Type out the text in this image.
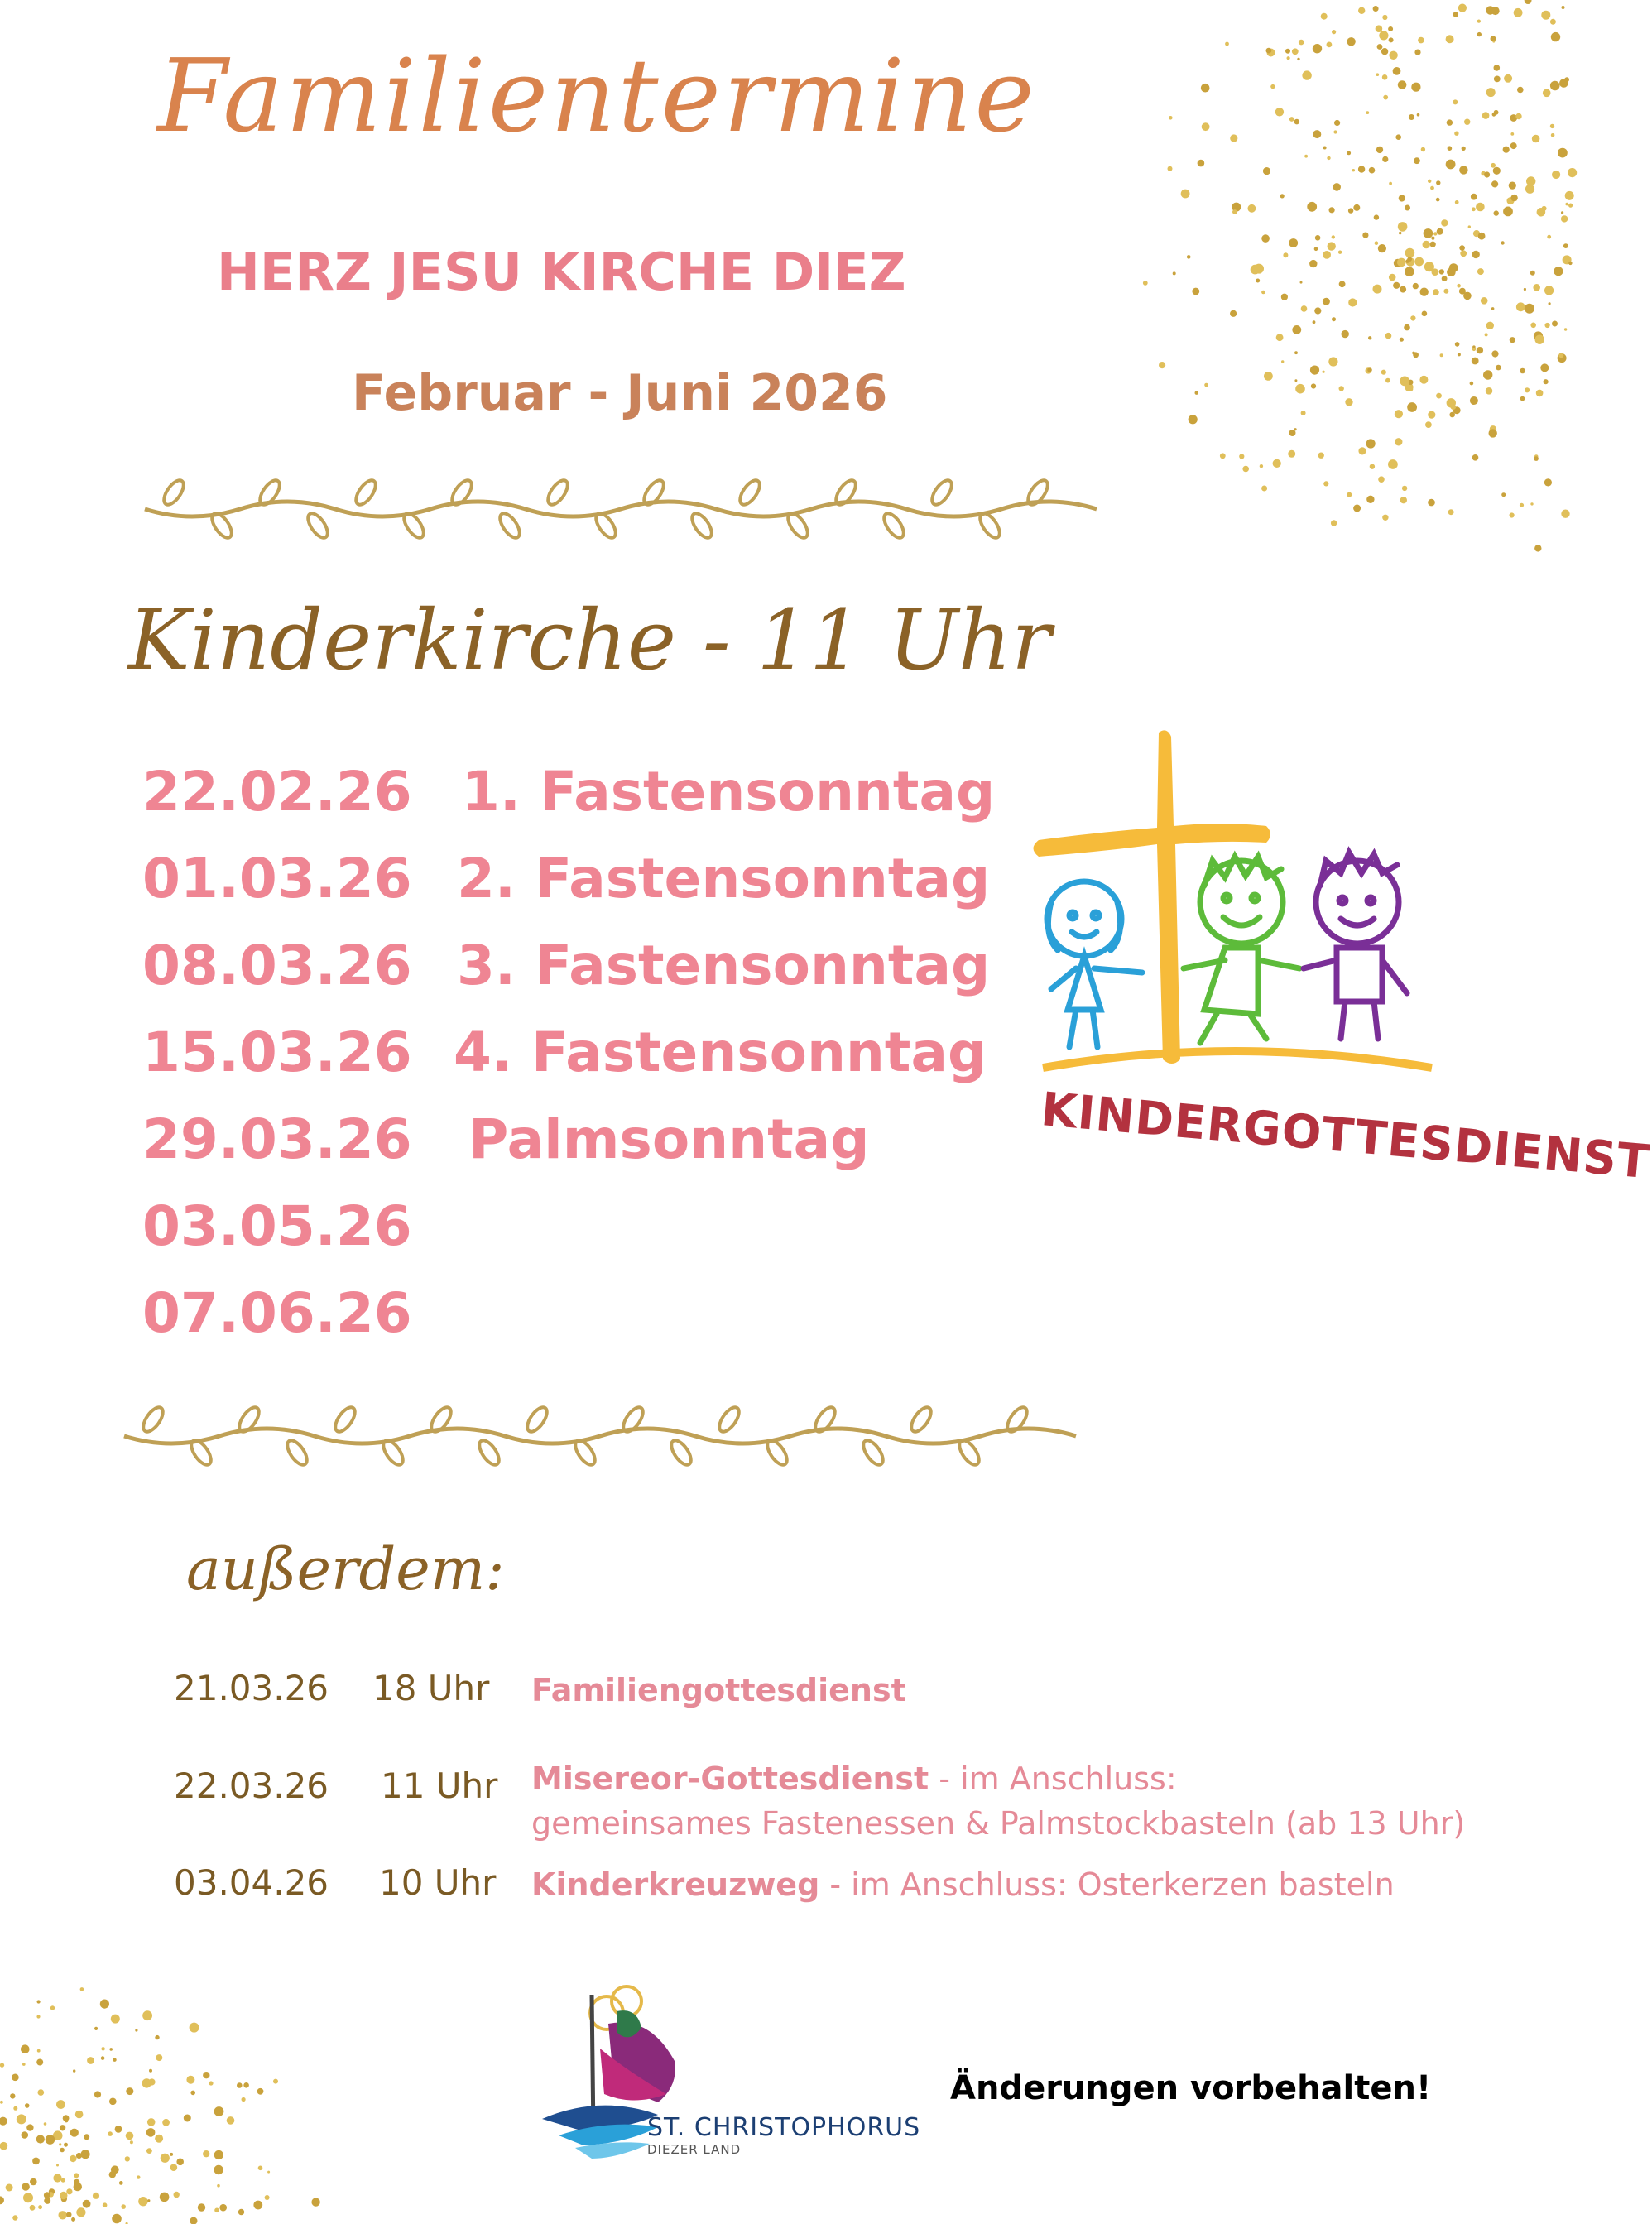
Familientermine
HERZ JESU KIRCHE DIEZ
Februar - Juni 2026
Kinderkirche - 11 Uhr
22.02.26
01.03.26
08.03.26
15.03.26
29.03.26
03.05.26
07.06.26
1. Fastensonntag
2. Fastensonntag
3. Fastensonntag
4. Fastensonntag
Palmsonntag	KINDERGOTTESDIENST
außerdem:
21.03.26 18 Uhr Familiengottesdienst
22.03.26 11 Uhr Misereor-Gottesdienst - im Anschluss:
gemeinsames Fastenessen & Palmstockbasteln (ab 13 Uhr)
03.04.26 10 Uhr Kinderkreuzweg - im Anschluss: Osterkerzen basteln
ST. CHRISTOPHORUS
DIEZER LAND
Änderungen vorbehalten!
